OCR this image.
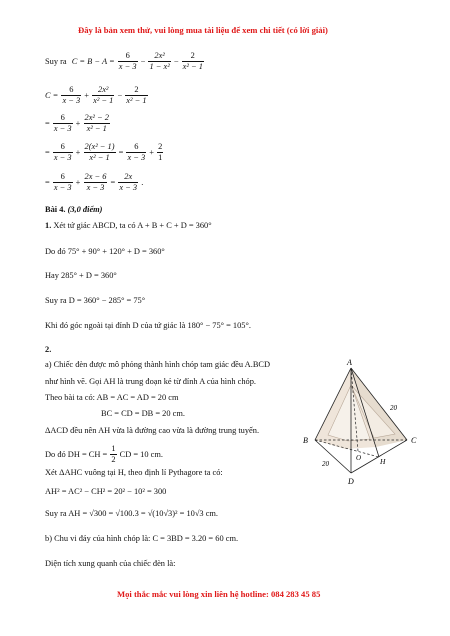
Đây là bản xem thử, vui lòng mua tài liệu để xem chi tiết (có lời giải)
Suy ra $C = B - A = \frac{6}{x - 3} - \frac{\text{2x²}}{\text{1 − x²}} - \frac{2}{\text{x² − 1}}$
$C = \frac{6}{x - 3} + \frac{\text{2x²}}{\text{x² − 1}} - \frac{2}{\text{x² − 1}}$
= $\frac{6}{x - 3} + \frac{\text{2x² − 2}}{\text{x² − 1}}$
= $\frac{6}{x - 3} + \frac{\text{2(x² − 1)}}{\text{x² − 1}} = \frac{6}{x - 3} + \frac{2}{1}$
= $\frac{6}{x - 3} + \frac{2x - 6}{x - 3} = \frac{2x}{x - 3}$ .
Bài 4. (3,0 điểm)
1. Xét tứ giác ABCD, ta có A + B + C + D = 360°
Do đó 75° + 90° + 120° + D = 360°
Hay 285° + D = 360°
Suy ra D = 360° − 285° = 75°
Khi đó góc ngoài tại đỉnh D của tứ giác là 180° − 75° = 105°.
2.
a) Chiếc đèn được mô phỏng thành hình chóp tam giác đều A.BCD
như hình vẽ. Gọi AH là trung đoạn kẻ từ đỉnh A của hình chóp.
Theo bài ta có: AB = AC = AD = 20 cm
BC = CD = DB = 20 cm.
ΔACD đều nên AH vừa là đường cao vừa là đường trung tuyến.
Do đó DH = CH = $\frac{1}{2}$ CD = 10 cm.
Xét ΔAHC vuông tại H, theo định lí Pythagore ta có:
AH² = AC² − CH² = 20² − 10² = 300
Suy ra AH = √300 = √100.3 = √(10√3)² = 10√3 cm.
b) Chu vi đáy của hình chóp là: C = 3BD = 3.20 = 60 cm.
Diện tích xung quanh của chiếc đèn là:
A
B	C
D
H
O
20
20
Mọi thắc mắc vui lòng xin liên hệ hotline: 084 283 45 85
